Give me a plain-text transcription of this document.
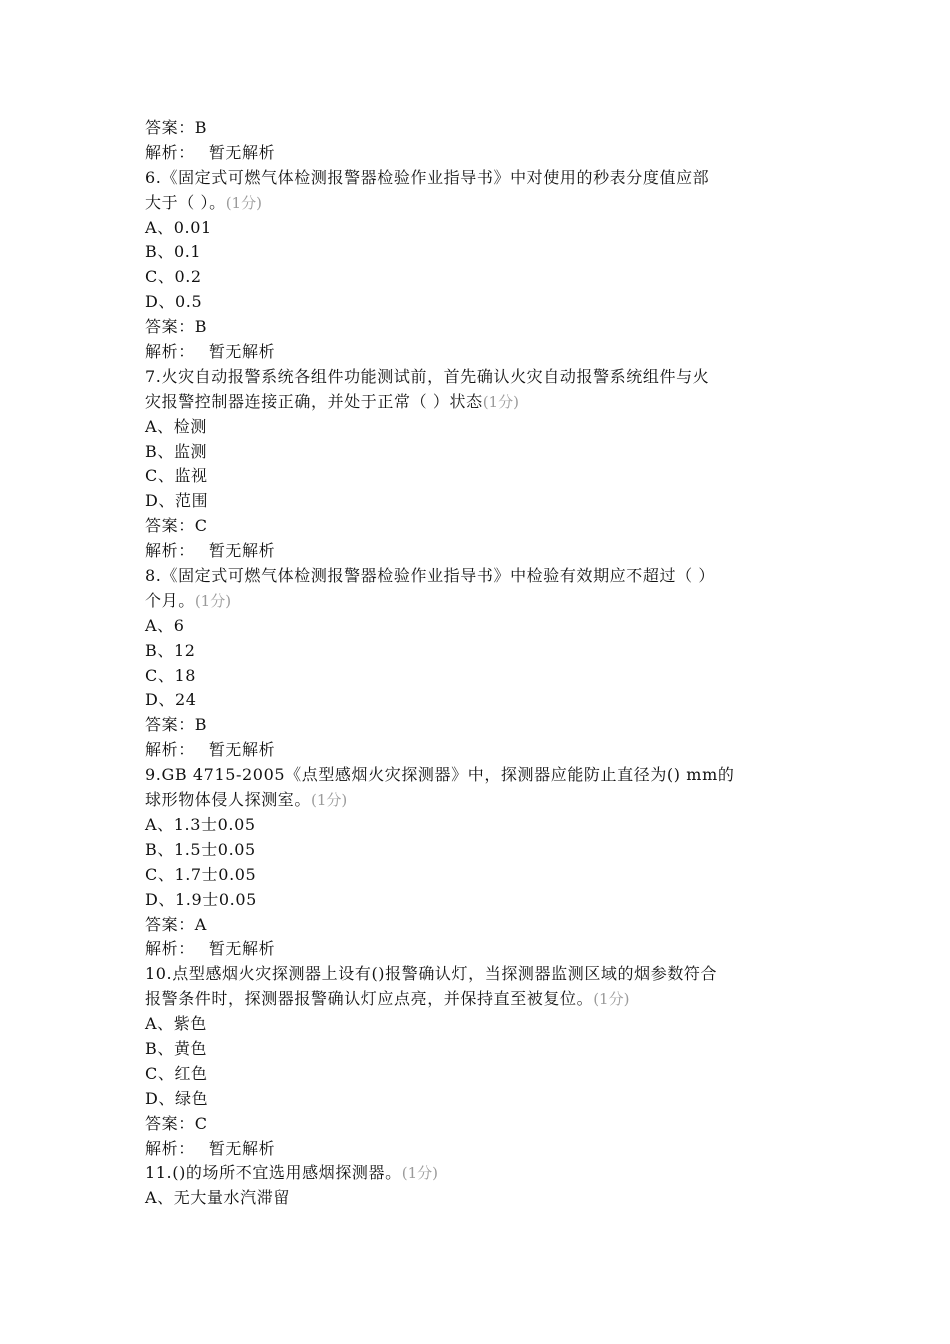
答案：B
解析： 暂无解析
6.《固定式可燃气体检测报警器检验作业指导书》中对使用的秒表分度值应部
大于（ ）。(1分)
A、0.01
B、0.1
C、0.2
D、0.5
答案：B
解析： 暂无解析
7.火灾自动报警系统各组件功能测试前，首先确认火灾自动报警系统组件与火
灾报警控制器连接正确，并处于正常（ ）状态(1分)
A、检测
B、监测
C、监视
D、范围
答案：C
解析： 暂无解析
8.《固定式可燃气体检测报警器检验作业指导书》中检验有效期应不超过（ ）
个月。(1分)
A、6
B、12
C、18
D、24
答案：B
解析： 暂无解析
9.GB 4715-2005《点型感烟火灾探测器》中，探测器应能防止直径为() mm的
球形物体侵人探测室。(1分)
A、1.3士0.05
B、1.5士0.05
C、1.7士0.05
D、1.9士0.05
答案：A
解析： 暂无解析
10.点型感烟火灾探测器上设有()报警确认灯，当探测器监测区域的烟参数符合
报警条件时，探测器报警确认灯应点亮，并保持直至被复位。(1分)
A、紫色
B、黄色
C、红色
D、绿色
答案：C
解析： 暂无解析
11.()的场所不宜选用感烟探测器。(1分)
A、无大量水汽滞留
